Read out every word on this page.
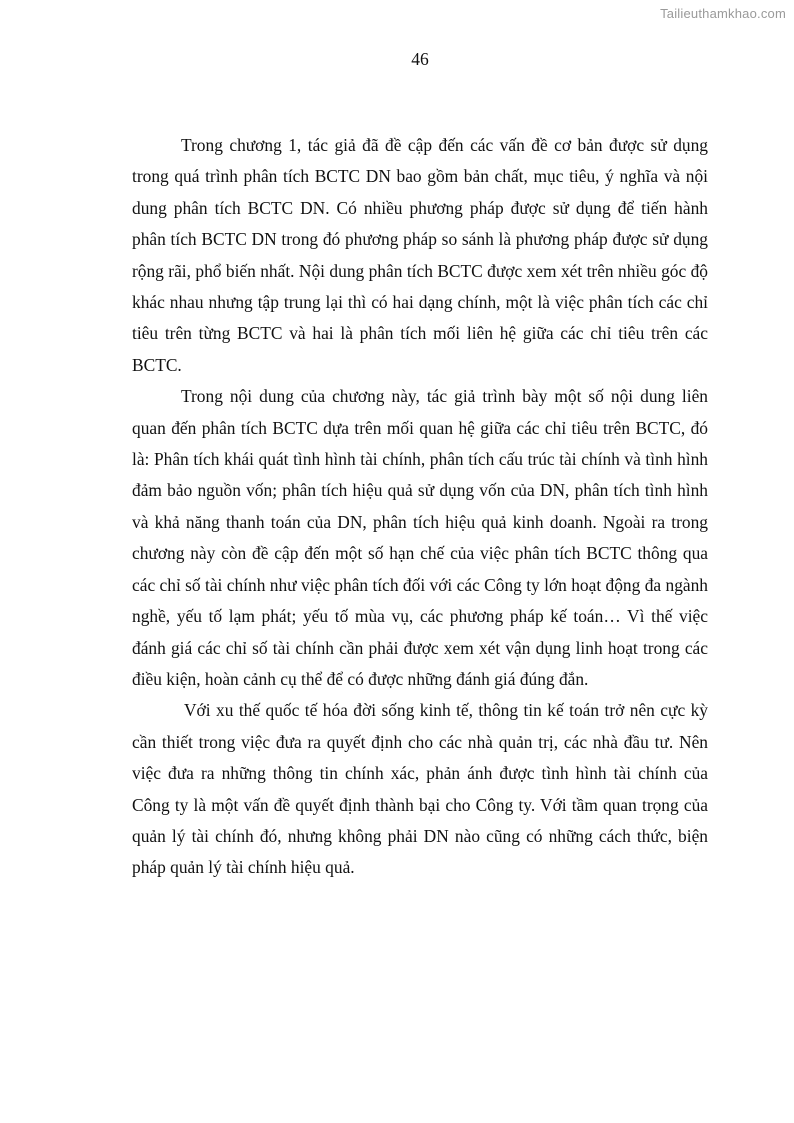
Tailieuthamkhao.com
46

Trong chương 1, tác giả đã đề cập đến các vấn đề cơ bản được sử dụng trong quá trình phân tích BCTC DN bao gồm bản chất, mục tiêu, ý nghĩa và nội dung phân tích BCTC DN. Có nhiều phương pháp được sử dụng để tiến hành phân tích BCTC DN trong đó phương pháp so sánh là phương pháp được sử dụng rộng rãi, phổ biến nhất. Nội dung phân tích BCTC được xem xét trên nhiều góc độ khác nhau nhưng tập trung lại thì có hai dạng chính, một là việc phân tích các chỉ tiêu trên từng BCTC và hai là phân tích mối liên hệ giữa các chỉ tiêu trên các BCTC.

Trong nội dung của chương này, tác giả trình bày một số nội dung liên quan đến phân tích BCTC dựa trên mối quan hệ giữa các chỉ tiêu trên BCTC, đó là: Phân tích khái quát tình hình tài chính, phân tích cấu trúc tài chính và tình hình đảm bảo nguồn vốn; phân tích hiệu quả sử dụng vốn của DN, phân tích tình hình và khả năng thanh toán của DN, phân tích hiệu quả kinh doanh. Ngoài ra trong chương này còn đề cập đến một số hạn chế của việc phân tích BCTC thông qua các chỉ số tài chính như việc phân tích đối với các Công ty lớn hoạt động đa ngành nghề, yếu tố lạm phát; yếu tố mùa vụ, các phương pháp kế toán… Vì thế việc đánh giá các chỉ số tài chính cần phải được xem xét vận dụng linh hoạt trong các điều kiện, hoàn cảnh cụ thể để có được những đánh giá đúng đắn.

Với xu thế quốc tế hóa đời sống kinh tế, thông tin kế toán trở nên cực kỳ cần thiết trong việc đưa ra quyết định cho các nhà quản trị, các nhà đầu tư. Nên việc đưa ra những thông tin chính xác, phản ánh được tình hình tài chính của Công ty là một vấn đề quyết định thành bại cho Công ty. Với tầm quan trọng của quản lý tài chính đó, nhưng không phải DN nào cũng có những cách thức, biện pháp quản lý tài chính hiệu quả.
